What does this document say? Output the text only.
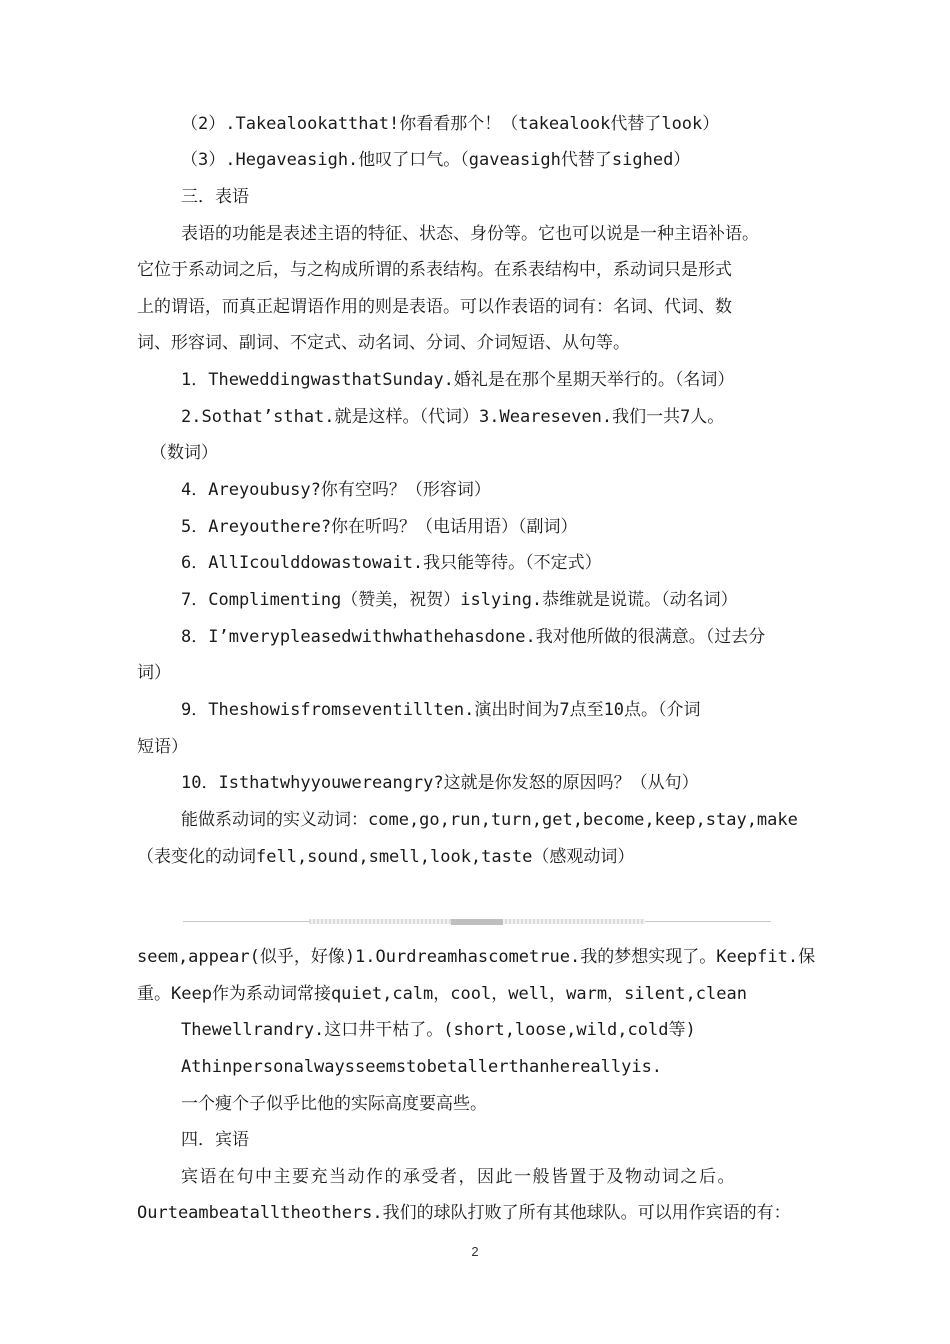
（2）.Takealookatthat!你看看那个！（takealook代替了look）
（3）.Hegaveasigh.他叹了口气。（gaveasigh代替了sighed）
三．表语
表语的功能是表述主语的特征、状态、身份等。它也可以说是一种主语补语。
它位于系动词之后，与之构成所谓的系表结构。在系表结构中，系动词只是形式
上的谓语，而真正起谓语作用的则是表语。可以作表语的词有：名词、代词、数
词、形容词、副词、不定式、动名词、分词、介词短语、从句等。
1．TheweddingwasthatSunday.婚礼是在那个星期天举行的。（名词）
2.Sothat’sthat.就是这样。（代词）3.Weareseven.我们一共7人。
（数词）
4．Areyoubusy?你有空吗？（形容词）
5．Areyouthere?你在听吗？（电话用语）（副词）
6．AllIcoulddowastowait.我只能等待。（不定式）
7．Complimenting（赞美，祝贺）islying.恭维就是说谎。（动名词）
8．I’mverypleasedwithwhathehasdone.我对他所做的很满意。（过去分
词）
9．Theshowisfromseventillten.演出时间为7点至10点。（介词
短语）
10．Isthatwhyyouwereangry?这就是你发怒的原因吗？（从句）
能做系动词的实义动词：come,go,run,turn,get,become,keep,stay,make
（表变化的动词fell,sound,smell,look,taste（感观动词）
seem,appear(似乎，好像)1.Ourdreamhascometrue.我的梦想实现了。Keepfit.保
重。Keep作为系动词常接quiet,calm，cool，well，warm，silent,clean
Thewellrandry.这口井干枯了。(short,loose,wild,cold等)
Athinpersonalwaysseemstobetallerthanhereallyis.
一个瘦个子似乎比他的实际高度要高些。
四．宾语
宾语在句中主要充当动作的承受者，因此一般皆置于及物动词之后。
Ourteambeatalltheothers.我们的球队打败了所有其他球队。可以用作宾语的有：
2
